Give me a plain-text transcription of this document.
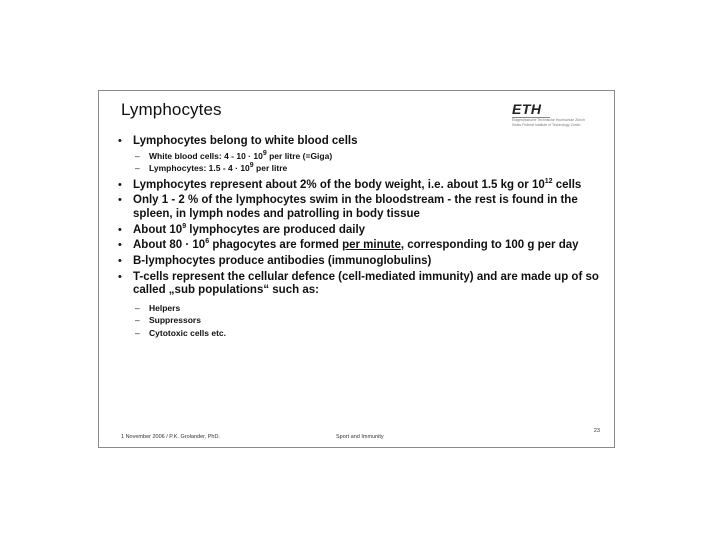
Lymphocytes	ETH
Eidgenössische Technische Hochschule Zürich
Swiss Federal Institute of Technology Zurich
• Lymphocytes belong to white blood cells
– White blood cells: $4 - 10 \cdot 10^9$ per litre (=Giga)
– Lymphocytes: $1.5 - 4 \cdot 10^9$ per litre
• Lymphocytes represent about 2% of the body weight, i.e. about 1.5 kg or $10^{12}$ cells
• Only 1 - 2 % of the lymphocytes swim in the bloodstream - the rest is found in the spleen, in lymph nodes and patrolling in body tissue
• About $10^9$ lymphocytes are produced daily
• About $80 \cdot 10^6$ phagocytes are formed per minute, corresponding to 100 g per day
• B-lymphocytes produce antibodies (immunoglobulins)
• T-cells represent the cellular defence (cell-mediated immunity) and are made up of so called „sub populations“ such as:
– Helpers
– Suppressors
– Cytotoxic cells etc.
1 November 2006 / P.K. Grolander, PhD.	Sport and Immunity
23
